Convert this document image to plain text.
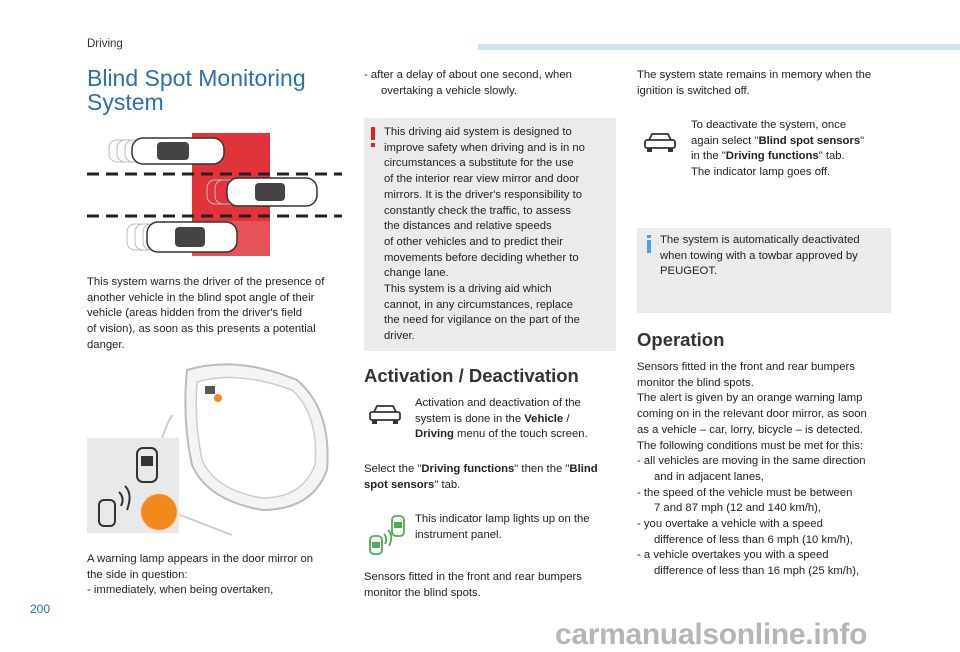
Driving
Blind Spot Monitoring
System
This system warns the driver of the presence of
another vehicle in the blind spot angle of their
vehicle (areas hidden from the driver's field
of vision), as soon as this presents a potential
danger.
A warning lamp appears in the door mirror on
the side in question:
- immediately, when being overtaken,
- after a delay of about one second, when
overtaking a vehicle slowly.
This driving aid system is designed to
improve safety when driving and is in no
circumstances a substitute for the use
of the interior rear view mirror and door
mirrors. It is the driver's responsibility to
constantly check the traffic, to assess
the distances and relative speeds
of other vehicles and to predict their
movements before deciding whether to
change lane.
This system is a driving aid which
cannot, in any circumstances, replace
the need for vigilance on the part of the
driver.
Activation / Deactivation
Activation and deactivation of the
system is done in the Vehicle /
Driving menu of the touch screen.
Select the "Driving functions" then the "Blind
spot sensors" tab.
This indicator lamp lights up on the
instrument panel.
Sensors fitted in the front and rear bumpers
monitor the blind spots.
The system state remains in memory when the
ignition is switched off.
To deactivate the system, once
again select "Blind spot sensors"
in the "Driving functions" tab.
The indicator lamp goes off.
The system is automatically deactivated
when towing with a towbar approved by
PEUGEOT.
Operation
Sensors fitted in the front and rear bumpers
monitor the blind spots.
The alert is given by an orange warning lamp
coming on in the relevant door mirror, as soon
as a vehicle – car, lorry, bicycle – is detected.
The following conditions must be met for this:
- all vehicles are moving in the same direction
and in adjacent lanes,
- the speed of the vehicle must be between
7 and 87 mph (12 and 140 km/h),
- you overtake a vehicle with a speed
difference of less than 6 mph (10 km/h),
- a vehicle overtakes you with a speed
difference of less than 16 mph (25 km/h),
200
carmanualsonline.info
